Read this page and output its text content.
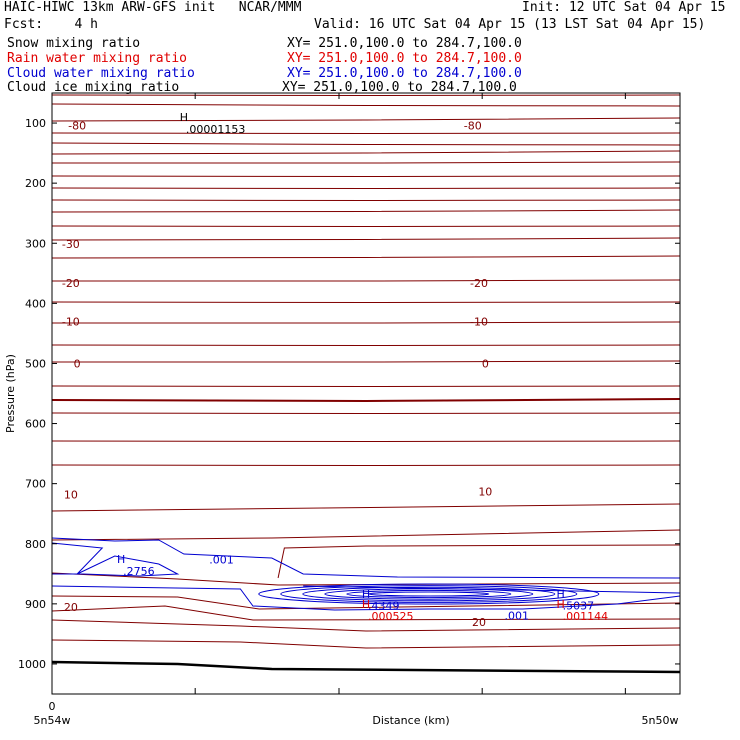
HAIC-HIWC 13km ARW-GFS init   NCAR/MMM	Init: 12 UTC Sat 04 Apr 15
Fcst:    4 h	Valid: 16 UTC Sat 04 Apr 15 (13 LST Sat 04 Apr 15)
Snow mixing ratio	XY= 251.0,100.0 to 284.7,100.0
Rain water mixing ratio	XY= 251.0,100.0 to 284.7,100.0
Cloud water mixing ratio	XY= 251.0,100.0 to 284.7,100.0
Cloud ice mixing ratio	XY= 251.0,100.0 to 284.7,100.0
100
200
300
400
500
600
700
800
900
1000
0
5n54w	5n50w
Distance (km)
Pressure (hPa)
-80	-80
-30
-20	-20
-10	-10
0	0
10	10
20
20
.001
.001
H
.00001153
H
.2756
H
.4349
H
.5037
H
.000525
H
.001144
